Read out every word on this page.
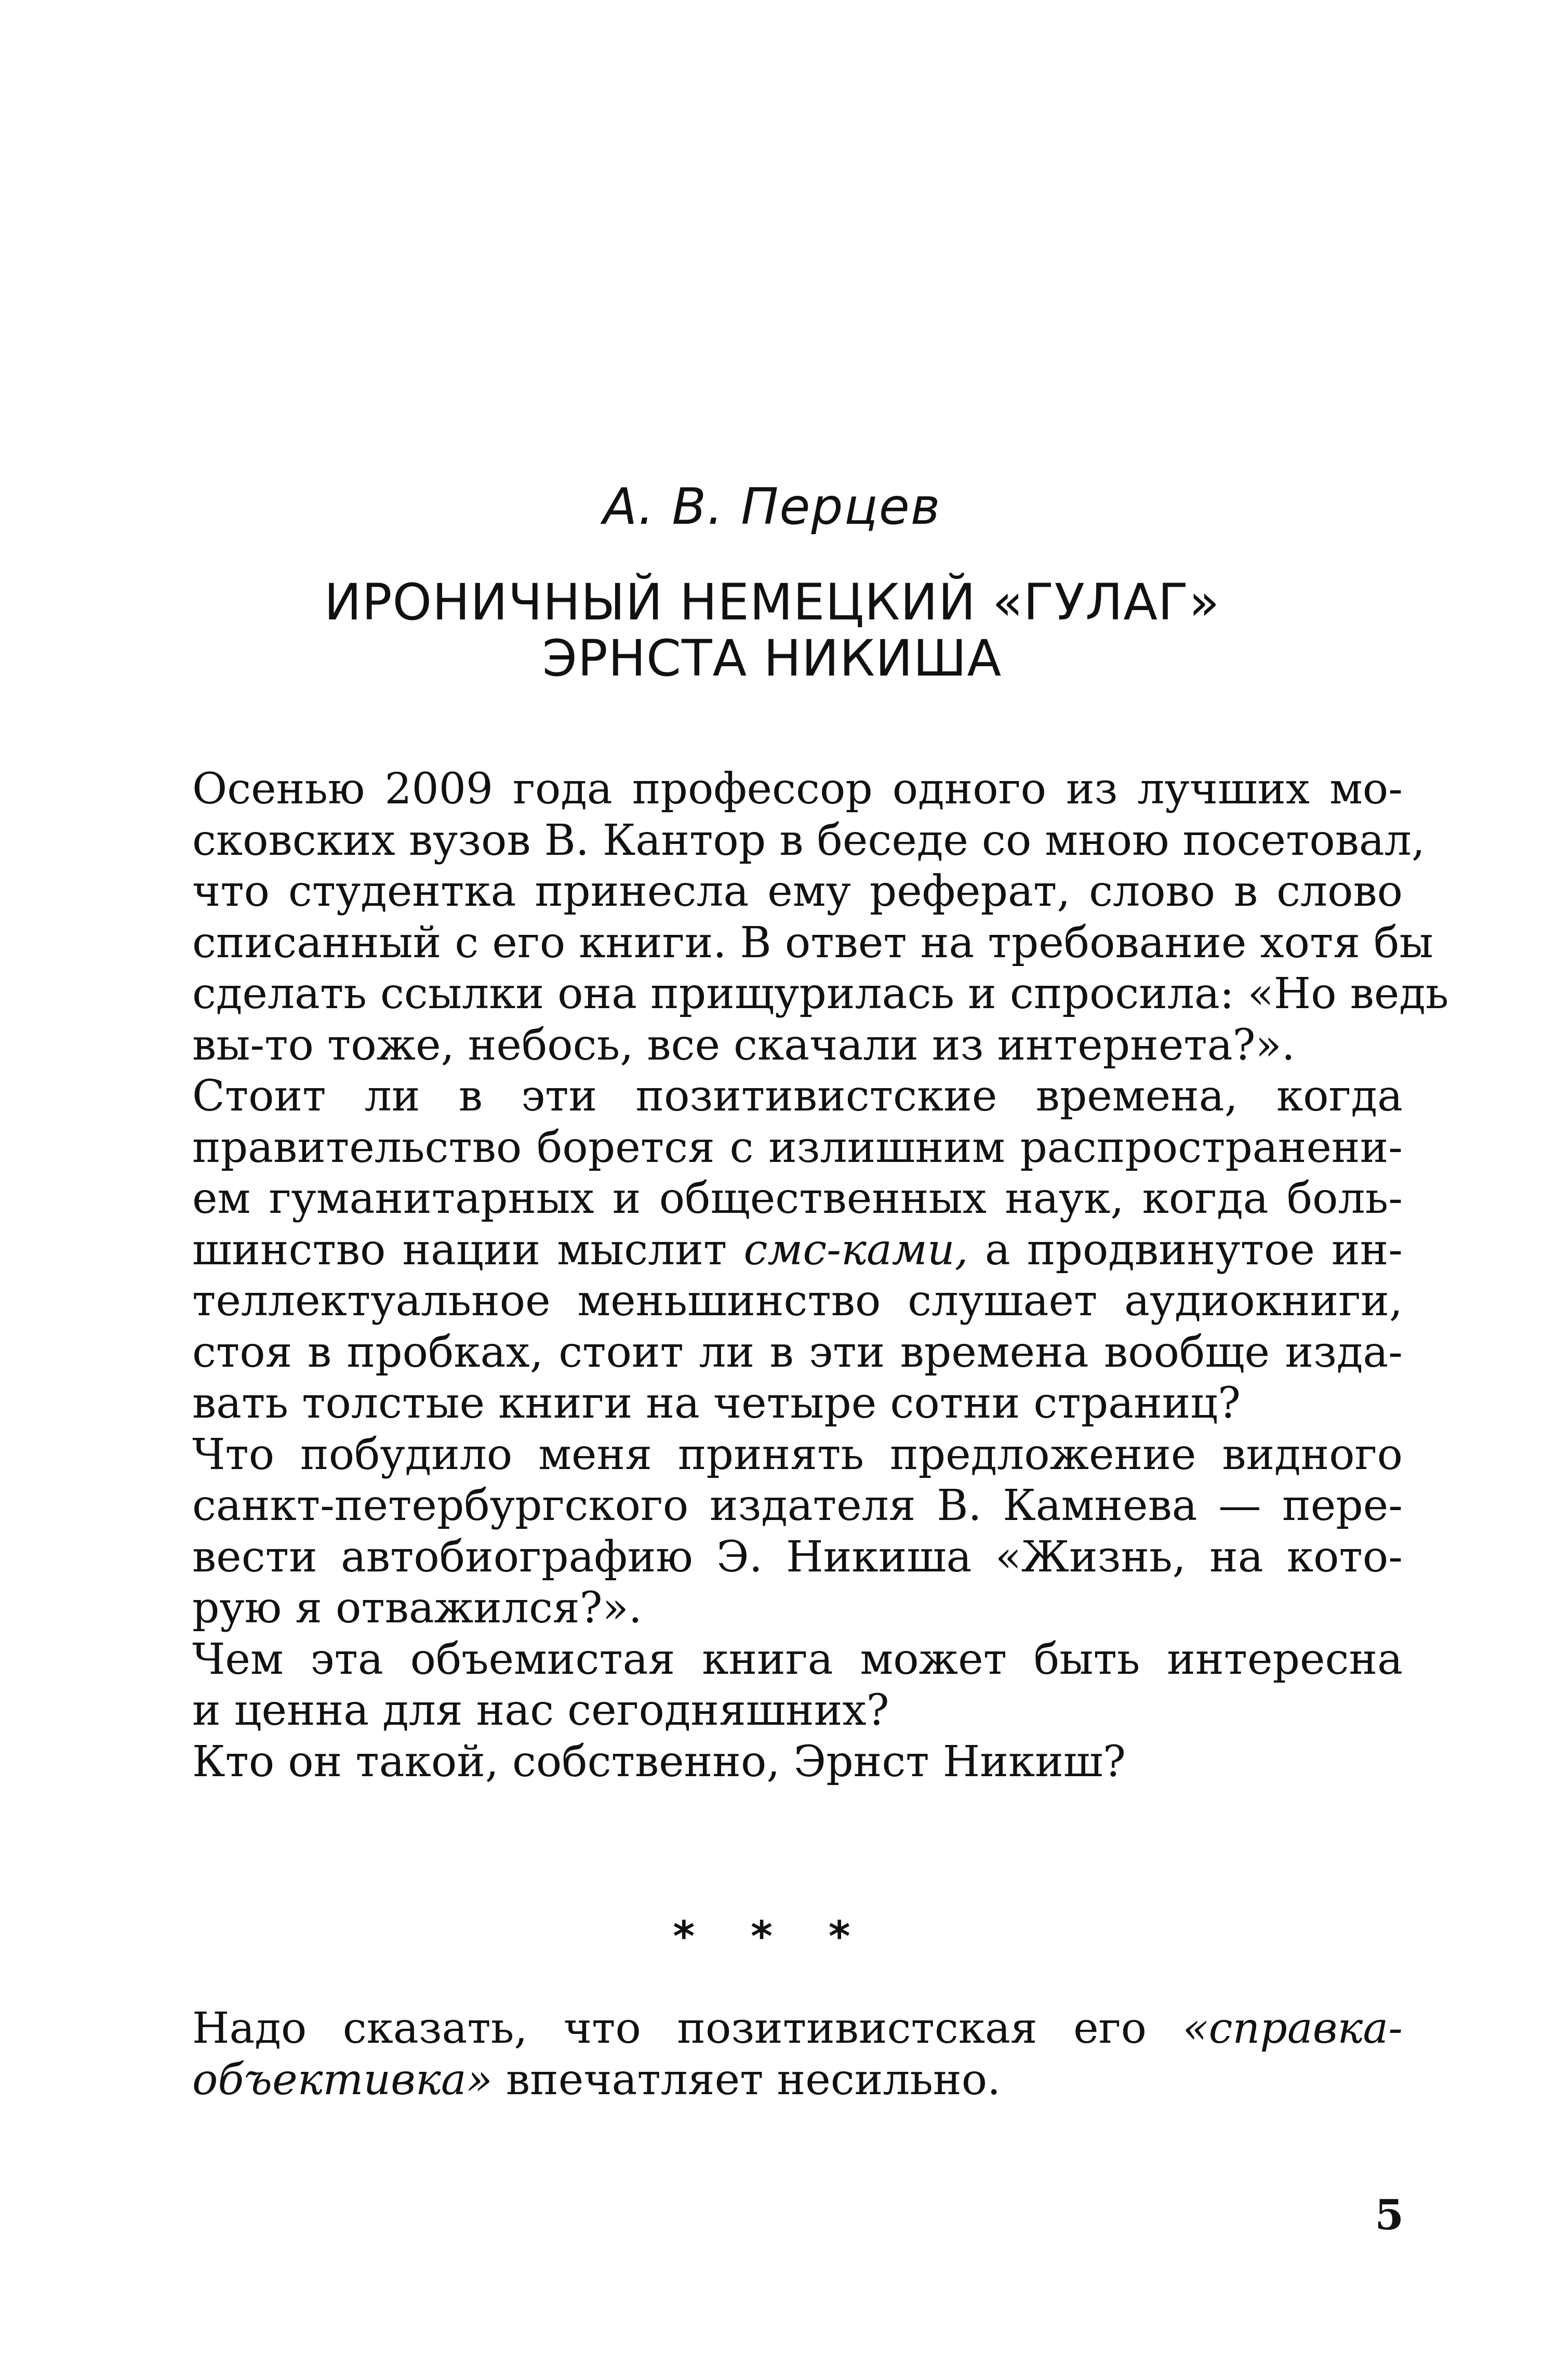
А. В. Перцев
ИРОНИЧНЫЙ НЕМЕЦКИЙ «ГУЛАГ»
ЭРНСТА НИКИША
Осенью 2009 года профессор одного из лучших мо-
сковских вузов В. Кантор в беседе со мною посетовал,
что студентка принесла ему реферат, слово в слово
списанный с его книги. В ответ на требование хотя бы
сделать ссылки она прищурилась и спросила: «Но ведь
вы-то тоже, небось, все скачали из интернета?».
Стоит ли в эти позитивистские времена, когда
правительство борется с излишним распространени-
ем гуманитарных и общественных наук, когда боль-
шинство нации мыслит смс-ками, а продвинутое ин-
теллектуальное меньшинство слушает аудиокниги,
стоя в пробках, стоит ли в эти времена вообще изда-
вать толстые книги на четыре сотни страниц?
Что побудило меня принять предложение видного
санкт-петербургского издателя В. Камнева — пере-
вести автобиографию Э. Никиша «Жизнь, на кото-
рую я отважился?».
Чем эта объемистая книга может быть интересна
и ценна для нас сегодняшних?
Кто он такой, собственно, Эрнст Никиш?
* * *
Надо сказать, что позитивистская его «справка-
объективка» впечатляет несильно.
5
